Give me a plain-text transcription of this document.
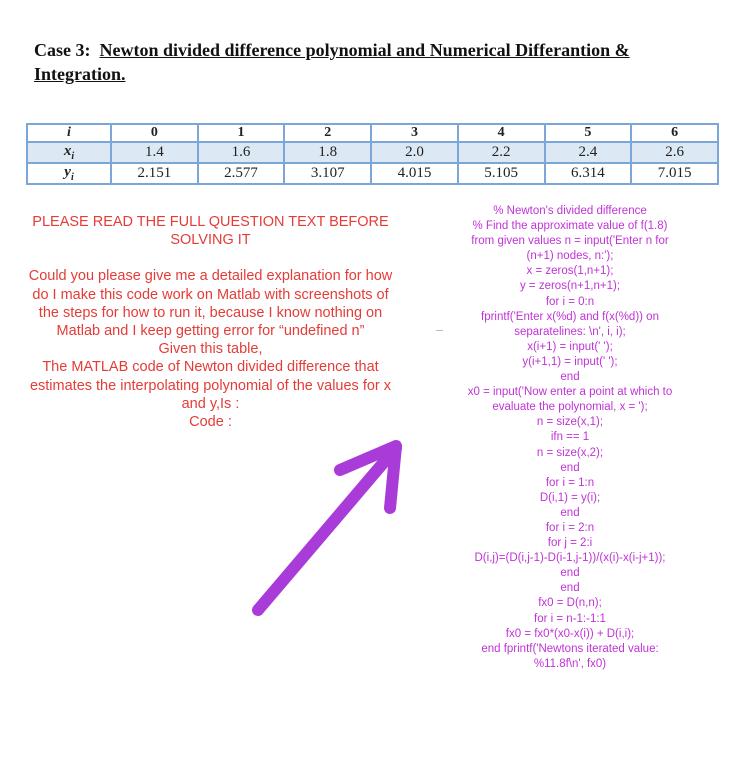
Case 3: Newton divided difference polynomial and Numerical Differantion & Integration.
i	0	1	2	3	4	5	6
$x_i$	1.4	1.6	1.8	2.0	2.2	2.4	2.6
$y_i$	2.151	2.577	3.107	4.015	5.105	6.314	7.015

PLEASE READ THE FULL QUESTION TEXT BEFORE SOLVING IT

Could you please give me a detailed explanation for how do I make this code work on Matlab with screenshots of the steps for how to run it, because I know nothing on Matlab and I keep getting error for “undefined n”

Given this table,

The MATLAB code of Newton divided difference that estimates the interpolating polynomial of the values for x and y,Is :

Code :

% Newton's divided difference
% Find the approximate value of f(1.8) from given values n = input('Enter n for (n+1) nodes, n:');
x = zeros(1,n+1);
y = zeros(n+1,n+1);
for i = 0:n
fprintf('Enter x(%d) and f(x(%d)) on separatelines: \n', i, i);
x(i+1) = input(' ');
y(i+1,1) = input(' ');
end
x0 = input('Now enter a point at which to evaluate the polynomial, x = ');
n = size(x,1);
ifn == 1
n = size(x,2);
end
for i = 1:n
D(i,1) = y(i);
end
for i = 2:n
for j = 2:i
D(i,j)=(D(i,j-1)-D(i-1,j-1))/(x(i)-x(i-j+1));
end
end
fx0 = D(n,n);
for i = n-1:-1:1
fx0 = fx0*(x0-x(i)) + D(i,i);
end fprintf('Newtons iterated value: %11.8f\n', fx0)
